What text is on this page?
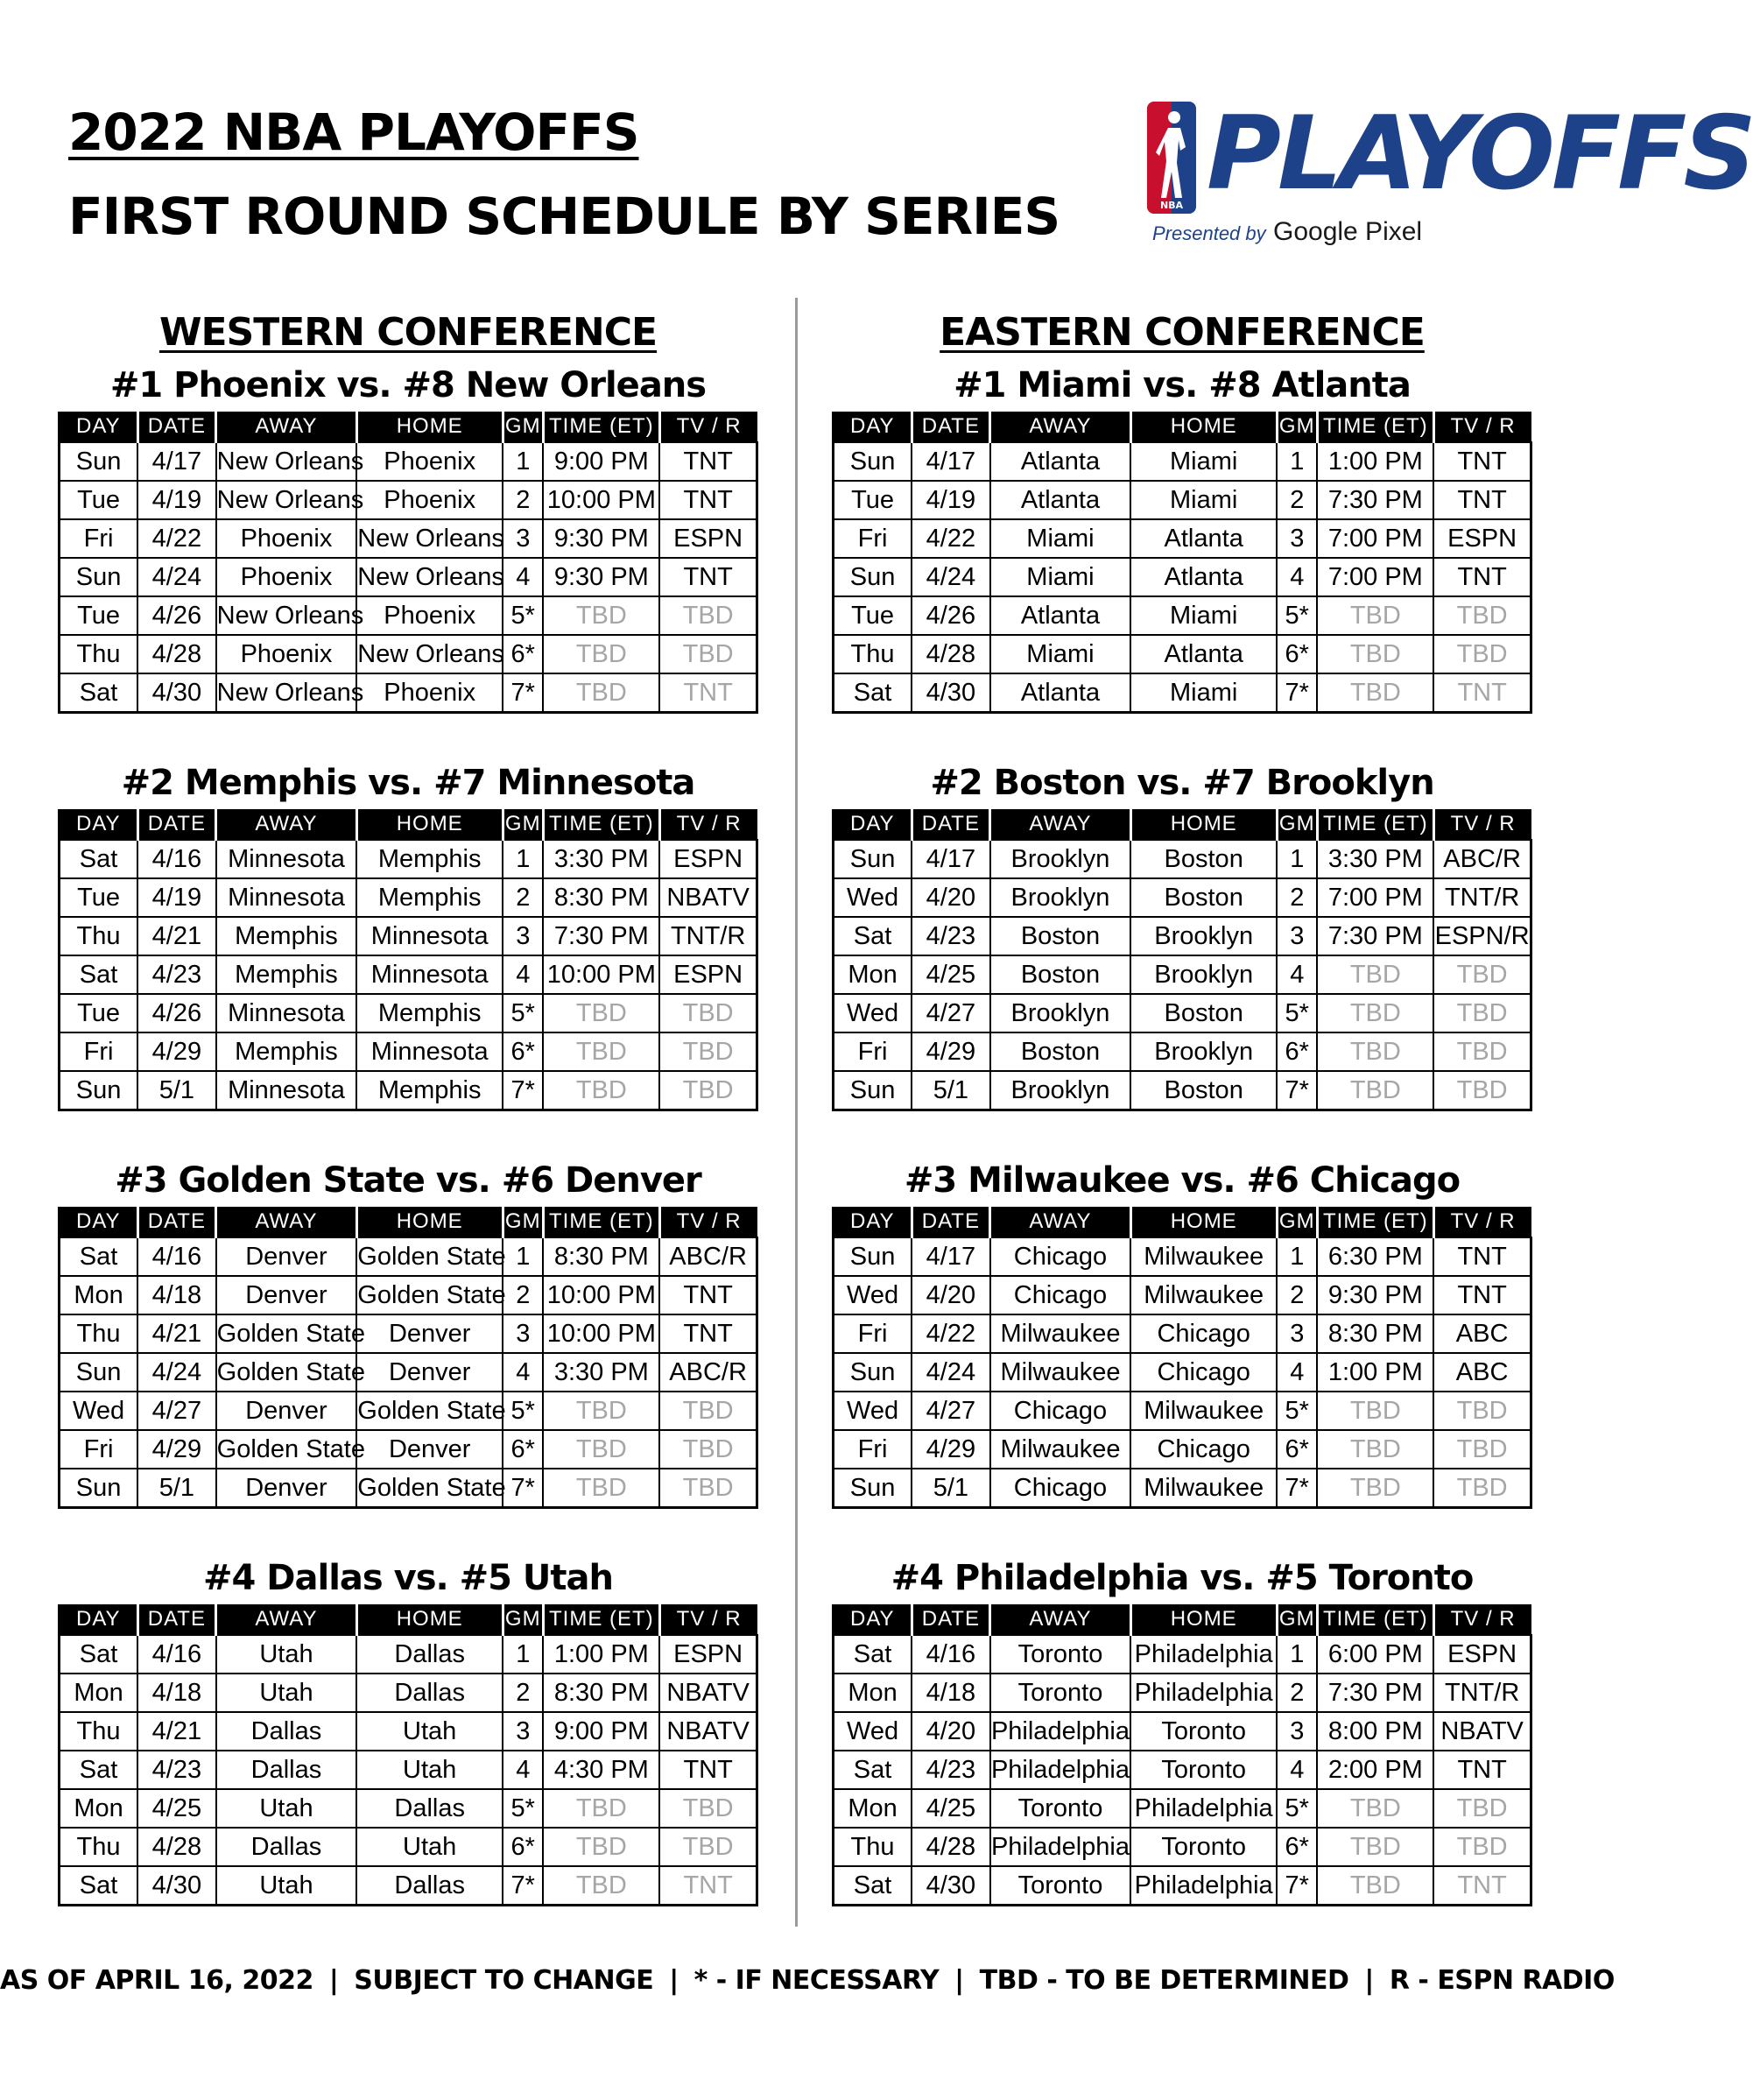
2022 NBA PLAYOFFS
FIRST ROUND SCHEDULE BY SERIES	NBA PLAYOFFS
Presented by Google Pixel
WESTERN CONFERENCE
#1 Phoenix vs. #8 New Orleans
DAY	DATE	AWAY	HOME	GM	TIME (ET)	TV / R
Sun	4/17	New Orleans	Phoenix	1	9:00 PM	TNT
Tue	4/19	New Orleans	Phoenix	2	10:00 PM	TNT
Fri	4/22	Phoenix	New Orleans	3	9:30 PM	ESPN
Sun	4/24	Phoenix	New Orleans	4	9:30 PM	TNT
Tue	4/26	New Orleans	Phoenix	5*	TBD	TBD
Thu	4/28	Phoenix	New Orleans	6*	TBD	TBD
Sat	4/30	New Orleans	Phoenix	7*	TBD	TNT
#2 Memphis vs. #7 Minnesota
DAY	DATE	AWAY	HOME	GM	TIME (ET)	TV / R
Sat	4/16	Minnesota	Memphis	1	3:30 PM	ESPN
Tue	4/19	Minnesota	Memphis	2	8:30 PM	NBATV
Thu	4/21	Memphis	Minnesota	3	7:30 PM	TNT/R
Sat	4/23	Memphis	Minnesota	4	10:00 PM	ESPN
Tue	4/26	Minnesota	Memphis	5*	TBD	TBD
Fri	4/29	Memphis	Minnesota	6*	TBD	TBD
Sun	5/1	Minnesota	Memphis	7*	TBD	TBD
#3 Golden State vs. #6 Denver
DAY	DATE	AWAY	HOME	GM	TIME (ET)	TV / R
Sat	4/16	Denver	Golden State	1	8:30 PM	ABC/R
Mon	4/18	Denver	Golden State	2	10:00 PM	TNT
Thu	4/21	Golden State	Denver	3	10:00 PM	TNT
Sun	4/24	Golden State	Denver	4	3:30 PM	ABC/R
Wed	4/27	Denver	Golden State	5*	TBD	TBD
Fri	4/29	Golden State	Denver	6*	TBD	TBD
Sun	5/1	Denver	Golden State	7*	TBD	TBD
#4 Dallas vs. #5 Utah
DAY	DATE	AWAY	HOME	GM	TIME (ET)	TV / R
Sat	4/16	Utah	Dallas	1	1:00 PM	ESPN
Mon	4/18	Utah	Dallas	2	8:30 PM	NBATV
Thu	4/21	Dallas	Utah	3	9:00 PM	NBATV
Sat	4/23	Dallas	Utah	4	4:30 PM	TNT
Mon	4/25	Utah	Dallas	5*	TBD	TBD
Thu	4/28	Dallas	Utah	6*	TBD	TBD
Sat	4/30	Utah	Dallas	7*	TBD	TNT
EASTERN CONFERENCE
#1 Miami vs. #8 Atlanta
DAY	DATE	AWAY	HOME	GM	TIME (ET)	TV / R
Sun	4/17	Atlanta	Miami	1	1:00 PM	TNT
Tue	4/19	Atlanta	Miami	2	7:30 PM	TNT
Fri	4/22	Miami	Atlanta	3	7:00 PM	ESPN
Sun	4/24	Miami	Atlanta	4	7:00 PM	TNT
Tue	4/26	Atlanta	Miami	5*	TBD	TBD
Thu	4/28	Miami	Atlanta	6*	TBD	TBD
Sat	4/30	Atlanta	Miami	7*	TBD	TNT
#2 Boston vs. #7 Brooklyn
DAY	DATE	AWAY	HOME	GM	TIME (ET)	TV / R
Sun	4/17	Brooklyn	Boston	1	3:30 PM	ABC/R
Wed	4/20	Brooklyn	Boston	2	7:00 PM	TNT/R
Sat	4/23	Boston	Brooklyn	3	7:30 PM	ESPN/R
Mon	4/25	Boston	Brooklyn	4	TBD	TBD
Wed	4/27	Brooklyn	Boston	5*	TBD	TBD
Fri	4/29	Boston	Brooklyn	6*	TBD	TBD
Sun	5/1	Brooklyn	Boston	7*	TBD	TBD
#3 Milwaukee vs. #6 Chicago
DAY	DATE	AWAY	HOME	GM	TIME (ET)	TV / R
Sun	4/17	Chicago	Milwaukee	1	6:30 PM	TNT
Wed	4/20	Chicago	Milwaukee	2	9:30 PM	TNT
Fri	4/22	Milwaukee	Chicago	3	8:30 PM	ABC
Sun	4/24	Milwaukee	Chicago	4	1:00 PM	ABC
Wed	4/27	Chicago	Milwaukee	5*	TBD	TBD
Fri	4/29	Milwaukee	Chicago	6*	TBD	TBD
Sun	5/1	Chicago	Milwaukee	7*	TBD	TBD
#4 Philadelphia vs. #5 Toronto
DAY	DATE	AWAY	HOME	GM	TIME (ET)	TV / R
Sat	4/16	Toronto	Philadelphia	1	6:00 PM	ESPN
Mon	4/18	Toronto	Philadelphia	2	7:30 PM	TNT/R
Wed	4/20	Philadelphia	Toronto	3	8:00 PM	NBATV
Sat	4/23	Philadelphia	Toronto	4	2:00 PM	TNT
Mon	4/25	Toronto	Philadelphia	5*	TBD	TBD
Thu	4/28	Philadelphia	Toronto	6*	TBD	TBD
Sat	4/30	Toronto	Philadelphia	7*	TBD	TNT
AS OF APRIL 16, 2022 | SUBJECT TO CHANGE | * - IF NECESSARY | TBD - TO BE DETERMINED | R - ESPN RADIO
